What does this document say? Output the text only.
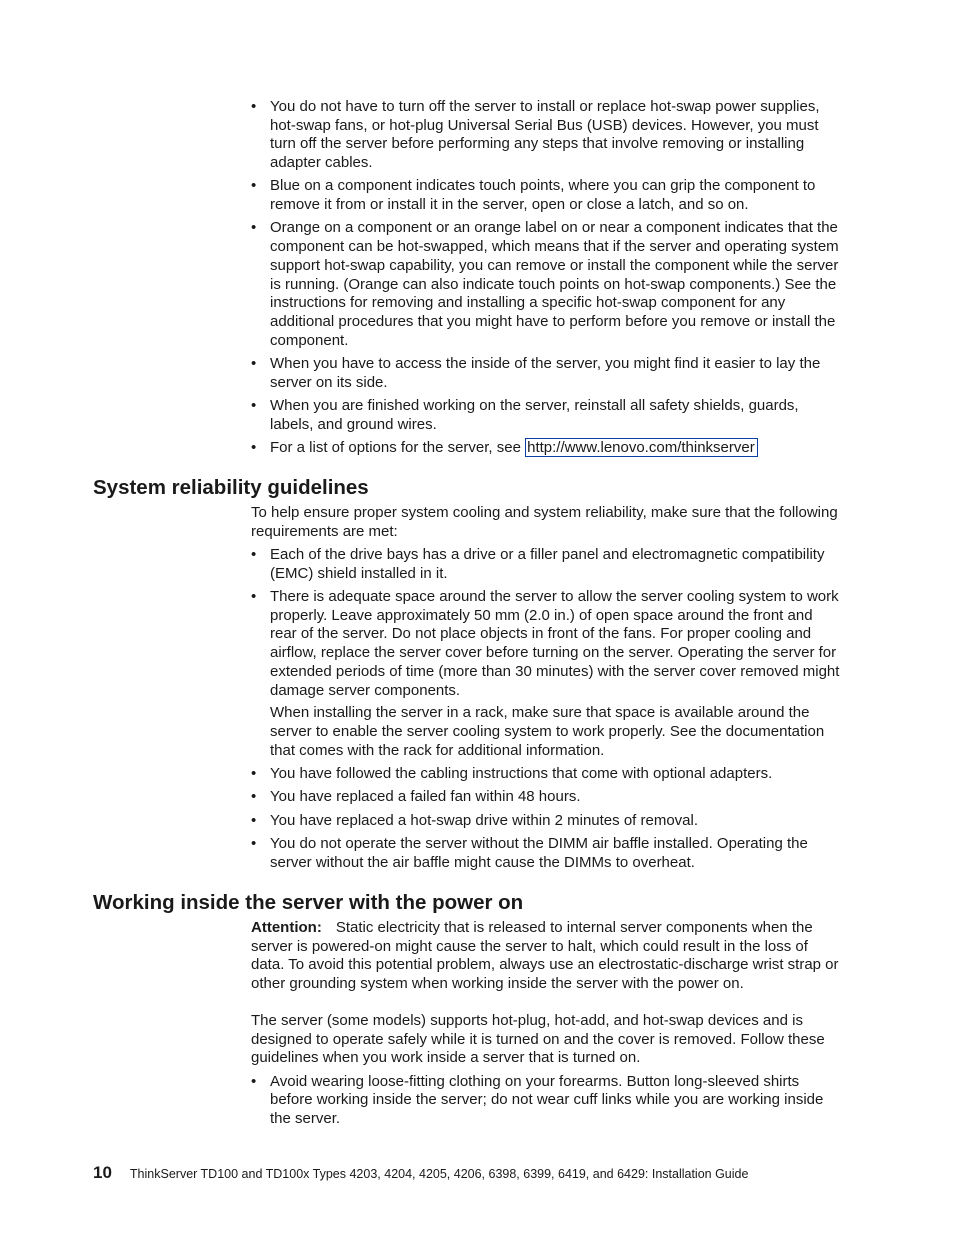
• You do not have to turn off the server to install or replace hot-swap power supplies, hot-swap fans, or hot-plug Universal Serial Bus (USB) devices. However, you must turn off the server before performing any steps that involve removing or installing adapter cables.
• Blue on a component indicates touch points, where you can grip the component to remove it from or install it in the server, open or close a latch, and so on.
• Orange on a component or an orange label on or near a component indicates that the component can be hot-swapped, which means that if the server and operating system support hot-swap capability, you can remove or install the component while the server is running. (Orange can also indicate touch points on hot-swap components.) See the instructions for removing and installing a specific hot-swap component for any additional procedures that you might have to perform before you remove or install the component.
• When you have to access the inside of the server, you might find it easier to lay the server on its side.
• When you are finished working on the server, reinstall all safety shields, guards, labels, and ground wires.
• For a list of options for the server, see http://www.lenovo.com/thinkserver
System reliability guidelines

To help ensure proper system cooling and system reliability, make sure that the following requirements are met:

• Each of the drive bays has a drive or a filler panel and electromagnetic compatibility (EMC) shield installed in it.
• There is adequate space around the server to allow the server cooling system to work properly. Leave approximately 50 mm (2.0 in.) of open space around the front and rear of the server. Do not place objects in front of the fans. For proper cooling and airflow, replace the server cover before turning on the server. Operating the server for extended periods of time (more than 30 minutes) with the server cover removed might damage server components.
When installing the server in a rack, make sure that space is available around the server to enable the server cooling system to work properly. See the documentation that comes with the rack for additional information.
• You have followed the cabling instructions that come with optional adapters.
• You have replaced a failed fan within 48 hours.
• You have replaced a hot-swap drive within 2 minutes of removal.
• You do not operate the server without the DIMM air baffle installed. Operating the server without the air baffle might cause the DIMMs to overheat.
Working inside the server with the power on

Attention: Static electricity that is released to internal server components when the server is powered-on might cause the server to halt, which could result in the loss of data. To avoid this potential problem, always use an electrostatic-discharge wrist strap or other grounding system when working inside the server with the power on.

The server (some models) supports hot-plug, hot-add, and hot-swap devices and is designed to operate safely while it is turned on and the cover is removed. Follow these guidelines when you work inside a server that is turned on.

• Avoid wearing loose-fitting clothing on your forearms. Button long-sleeved shirts before working inside the server; do not wear cuff links while you are working inside the server.
10 ThinkServer TD100 and TD100x Types 4203, 4204, 4205, 4206, 6398, 6399, 6419, and 6429: Installation Guide
